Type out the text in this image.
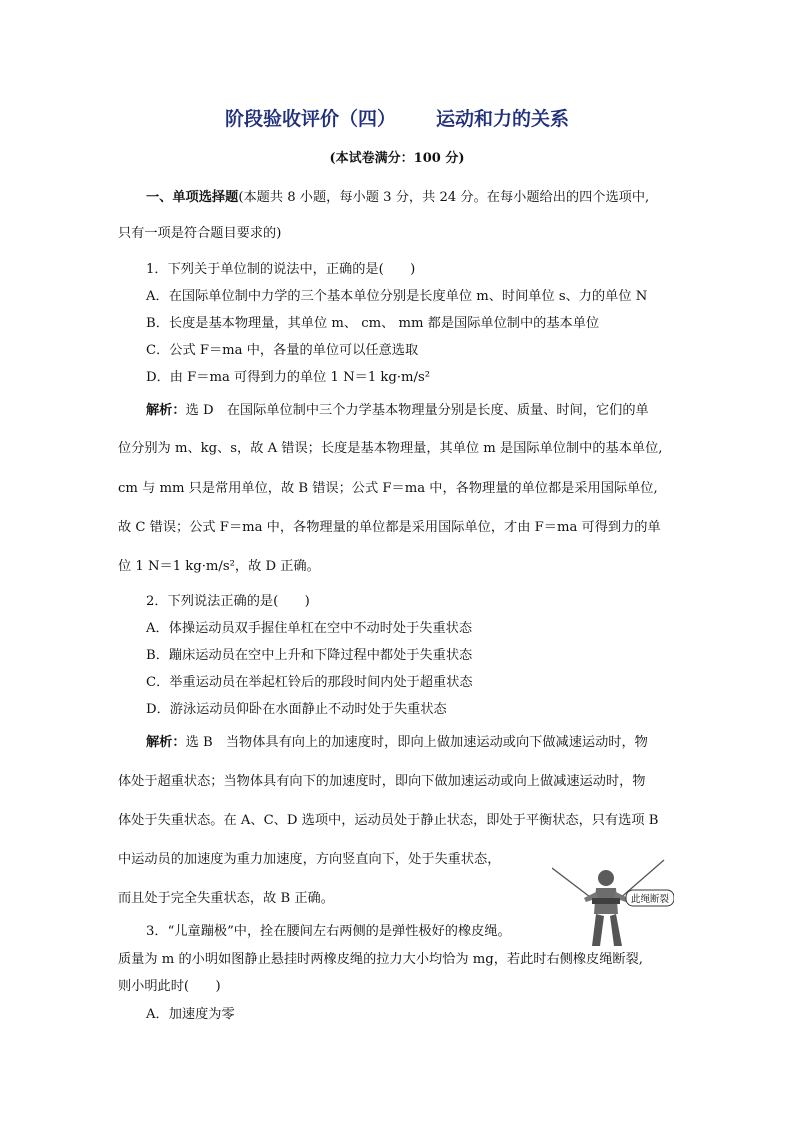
阶段验收评价（四） 运动和力的关系
(本试卷满分：100 分)
一、单项选择题(本题共 8 小题，每小题 3 分，共 24 分。在每小题给出的四个选项中,
只有一项是符合题目要求的)
1．下列关于单位制的说法中，正确的是(　　)
A．在国际单位制中力学的三个基本单位分别是长度单位 m、时间单位 s、力的单位 N
B．长度是基本物理量，其单位 m、 cm、 mm 都是国际单位制中的基本单位
C．公式 F＝ma 中，各量的单位可以任意选取
D．由 F＝ma 可得到力的单位 1 N＝1 kg·m/s²
解析：选 D　在国际单位制中三个力学基本物理量分别是长度、质量、时间，它们的单
位分别为 m、kg、s，故 A 错误；长度是基本物理量，其单位 m 是国际单位制中的基本单位,
cm 与 mm 只是常用单位，故 B 错误；公式 F＝ma 中，各物理量的单位都是采用国际单位,
故 C 错误；公式 F＝ma 中，各物理量的单位都是采用国际单位，才由 F＝ma 可得到力的单
位 1 N＝1 kg·m/s²，故 D 正确。
2．下列说法正确的是(　　)
A．体操运动员双手握住单杠在空中不动时处于失重状态
B．蹦床运动员在空中上升和下降过程中都处于失重状态
C．举重运动员在举起杠铃后的那段时间内处于超重状态
D．游泳运动员仰卧在水面静止不动时处于失重状态
解析：选 B　当物体具有向上的加速度时，即向上做加速运动或向下做减速运动时，物
体处于超重状态；当物体具有向下的加速度时，即向下做加速运动或向上做减速运动时，物
体处于失重状态。在 A、C、D 选项中，运动员处于静止状态，即处于平衡状态，只有选项 B
中运动员的加速度为重力加速度，方向竖直向下，处于失重状态，
而且处于完全失重状态，故 B 正确。
3．“儿童蹦极”中，拴在腰间左右两侧的是弹性极好的橡皮绳。
质量为 m 的小明如图静止悬挂时两橡皮绳的拉力大小均恰为 mg，若此时右侧橡皮绳断裂,
则小明此时(　　)
A．加速度为零
此绳断裂
